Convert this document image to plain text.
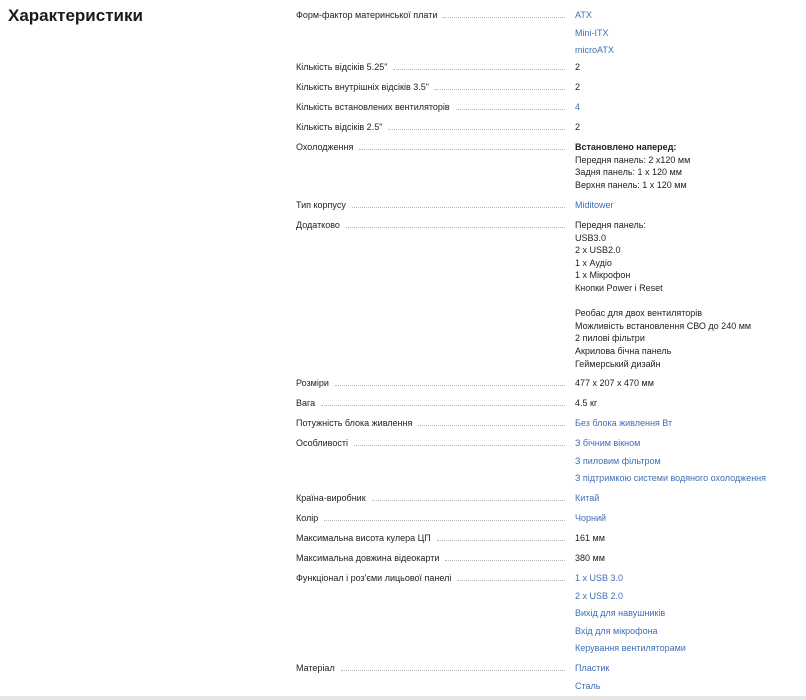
Характеристики	Форм-фактор материнської плати	ATX
Mini-ITX
microATX
Кількість відсіків 5.25"	2
Кількість внутрішніх відсіків 3.5"	2
Кількість встановлених вентиляторів	4
Кількість відсіків 2.5"	2
Охолодження	Встановлено наперед:
Передня панель: 2 x120 мм
Задня панель: 1 x 120 мм
Верхня панель: 1 x 120 мм
Тип корпусу	Miditower
Додатково	Передня панель:
USB3.0
2 x USB2.0
1 x Аудіо
1 x Мікрофон
Кнопки Power і Reset

Реобас для двох вентиляторів
Можливість встановлення СВО до 240 мм
2 пилові фільтри
Акрилова бічна панель
Геймерський дизайн
Розміри	477 x 207 x 470 мм
Вага	4.5 кг
Потужність блока живлення	Без блока живлення Вт
Особливості	З бічним вікном
З пиловим фільтром
З підтримкою системи водяного охолодження
Країна-виробник	Китай
Колір	Чорний
Максимальна висота кулера ЦП	161 мм
Максимальна довжина відеокарти	380 мм
Функціонал і роз'єми лицьової панелі	1 x USB 3.0
2 x USB 2.0
Вихід для навушників
Вхід для мікрофона
Керування вентиляторами
Матеріал	Пластик
Сталь
